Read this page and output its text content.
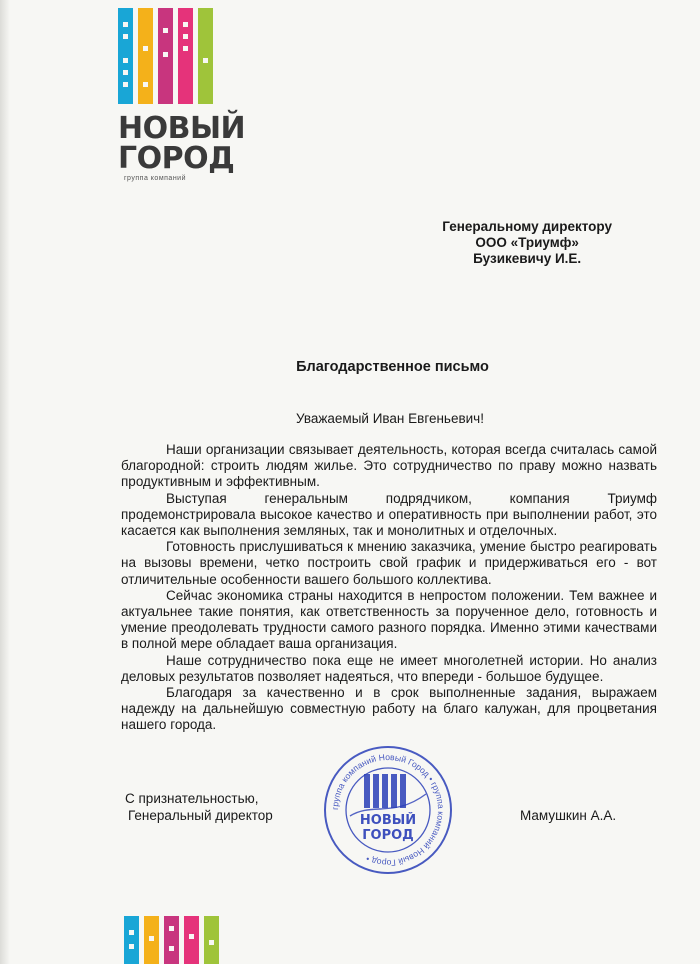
НОВЫЙ
ГОРОД
группа компаний
Генеральному директору
ООО «Триумф»
Бузикевичу И.Е.
Благодарственное письмо
Уважаемый Иван Евгеньевич!

Наши организации связывает деятельность, которая всегда считалась самой благородной: строить людям жилье. Это сотрудничество по праву можно назвать продуктивным и эффективным.

Выступая генеральным подрядчиком, компания Триумф продемонстрировала высокое качество и оперативность при выполнении работ, это касается как выполнения земляных, так и монолитных и отделочных.

Готовность прислушиваться к мнению заказчика, умение быстро реагировать на вызовы времени, четко построить свой график и придерживаться его - вот отличительные особенности вашего большого коллектива.

Сейчас экономика страны находится в непростом положении. Тем важнее и актуальнее такие понятия, как ответственность за порученное дело, готовность и умение преодолевать трудности самого разного порядка. Именно этими качествами в полной мере обладает ваша организация.

Наше сотрудничество пока еще не имеет многолетней истории. Но анализ деловых результатов позволяет надеяться, что впереди - большое будущее.

Благодаря за качественно и в срок выполненные задания, выражаем надежду на дальнейшую совместную работу на благо калужан, для процветания нашего города.

С признательностью,
Генеральный директор	Мамушкин А.А.
группа компаний Новый Город • группа компаний Новый Город •
НОВЫЙ
ГОРОД
